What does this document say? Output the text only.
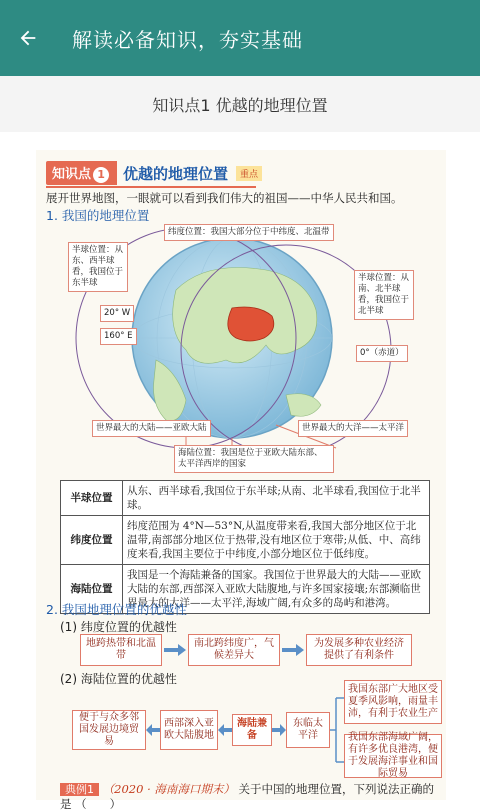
解读必备知识，夯实基础
知识点1 优越的地理位置
知识点 1	优越的地理位置	重点
展开世界地图，一眼就可以看到我们伟大的祖国——中华人民共和国。
1. 我国的地理位置
纬度位置：我国大部分位于中纬度、北温带
半球位置：从东、西半球看，我国位于东半球	半球位置：从南、北半球看，我国位于北半球
20° W
160° E
0°（赤道）
世界最大的大陆——亚欧大陆	世界最大的大洋——太平洋
海陆位置：我国是位于亚欧大陆东部、太平洋西岸的国家
半球位置	从东、西半球看,我国位于东半球;从南、北半球看,我国位于北半球。
纬度位置	纬度范围为 4°N—53°N,从温度带来看,我国大部分地区位于北温带,南部部分地区位于热带,没有地区位于寒带;从低、中、高纬度来看,我国主要位于中纬度,小部分地区位于低纬度。
海陆位置	我国是一个海陆兼备的国家。我国位于世界最大的大陆——亚欧大陆的东部,西部深入亚欧大陆腹地,与许多国家接壤;东部濒临世界最大的大洋——太平洋,海域广阔,有众多的岛屿和港湾。
2. 我国地理位置的优越性
(1) 纬度位置的优越性
地跨热带和北温带
南北跨纬度广，气候差异大
为发展多种农业经济提供了有利条件
(2) 海陆位置的优越性
便于与众多邻国发展边境贸易
西部深入亚欧大陆腹地
海陆兼备
东临太平洋
我国东部广大地区受夏季风影响，雨量丰沛，有利于农业生产
我国东部海域广阔，有许多优良港湾，便于发展海洋事业和国际贸易
典例1 （2020 · 海南海口期末） 关于中国的地理位置，下列说法正确的是 （　　）
